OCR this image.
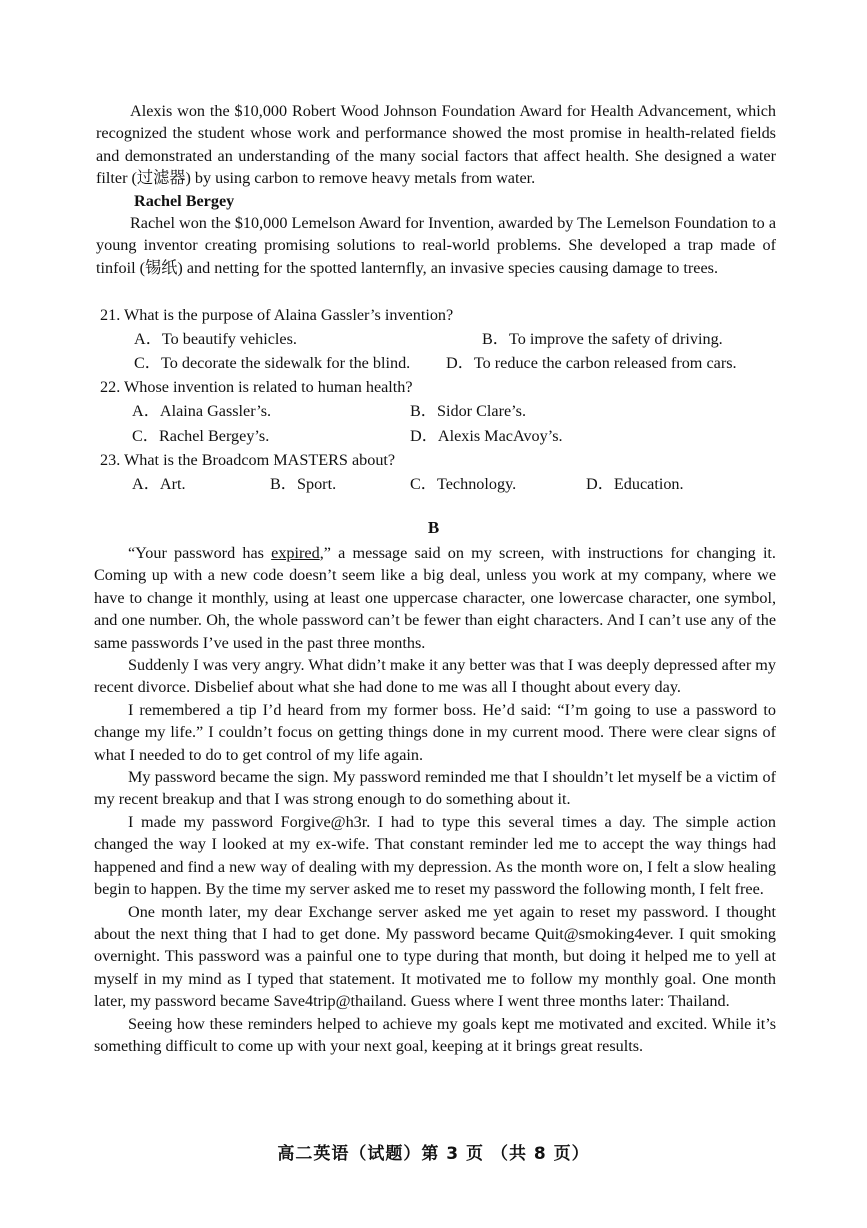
Alexis won the $10,000 Robert Wood Johnson Foundation Award for Health Advancement, which recognized the student whose work and performance showed the most promise in health-related fields and demonstrated an understanding of the many social factors that affect health. She designed a water filter (过滤器) by using carbon to remove heavy metals from water.

Rachel Bergey

Rachel won the $10,000 Lemelson Award for Invention, awarded by The Lemelson Foundation to a young inventor creating promising solutions to real-world problems. She developed a trap made of tinfoil (锡纸) and netting for the spotted lanternfly, an invasive species causing damage to trees.

21. What is the purpose of Alaina Gassler’s invention?
A．To beautify vehicles.	B．To improve the safety of driving.
C．To decorate the sidewalk for the blind. D．To reduce the carbon released from cars.
22. Whose invention is related to human health?
A．Alaina Gassler’s.	B．Sidor Clare’s.
C．Rachel Bergey’s.	D．Alexis MacAvoy’s.
23. What is the Broadcom MASTERS about?
A．Art.	B．Sport.	C．Technology.	D．Education.
B

“Your password has expired,” a message said on my screen, with instructions for changing it. Coming up with a new code doesn’t seem like a big deal, unless you work at my company, where we have to change it monthly, using at least one uppercase character, one lowercase character, one symbol, and one number. Oh, the whole password can’t be fewer than eight characters. And I can’t use any of the same passwords I’ve used in the past three months.

Suddenly I was very angry. What didn’t make it any better was that I was deeply depressed after my recent divorce. Disbelief about what she had done to me was all I thought about every day.

I remembered a tip I’d heard from my former boss. He’d said: “I’m going to use a password to change my life.” I couldn’t focus on getting things done in my current mood. There were clear signs of what I needed to do to get control of my life again.

My password became the sign. My password reminded me that I shouldn’t let myself be a victim of my recent breakup and that I was strong enough to do something about it.

I made my password Forgive@h3r. I had to type this several times a day. The simple action changed the way I looked at my ex-wife. That constant reminder led me to accept the way things had happened and find a new way of dealing with my depression. As the month wore on, I felt a slow healing begin to happen. By the time my server asked me to reset my password the following month, I felt free.

One month later, my dear Exchange server asked me yet again to reset my password. I thought about the next thing that I had to get done. My password became Quit@smoking4ever. I quit smoking overnight. This password was a painful one to type during that month, but doing it helped me to yell at myself in my mind as I typed that statement. It motivated me to follow my monthly goal. One month later, my password became Save4trip@thailand. Guess where I went three months later: Thailand.

Seeing how these reminders helped to achieve my goals kept me motivated and excited. While it’s something difficult to come up with your next goal, keeping at it brings great results.

高二英语（试题）第 3 页 （共 8 页）
